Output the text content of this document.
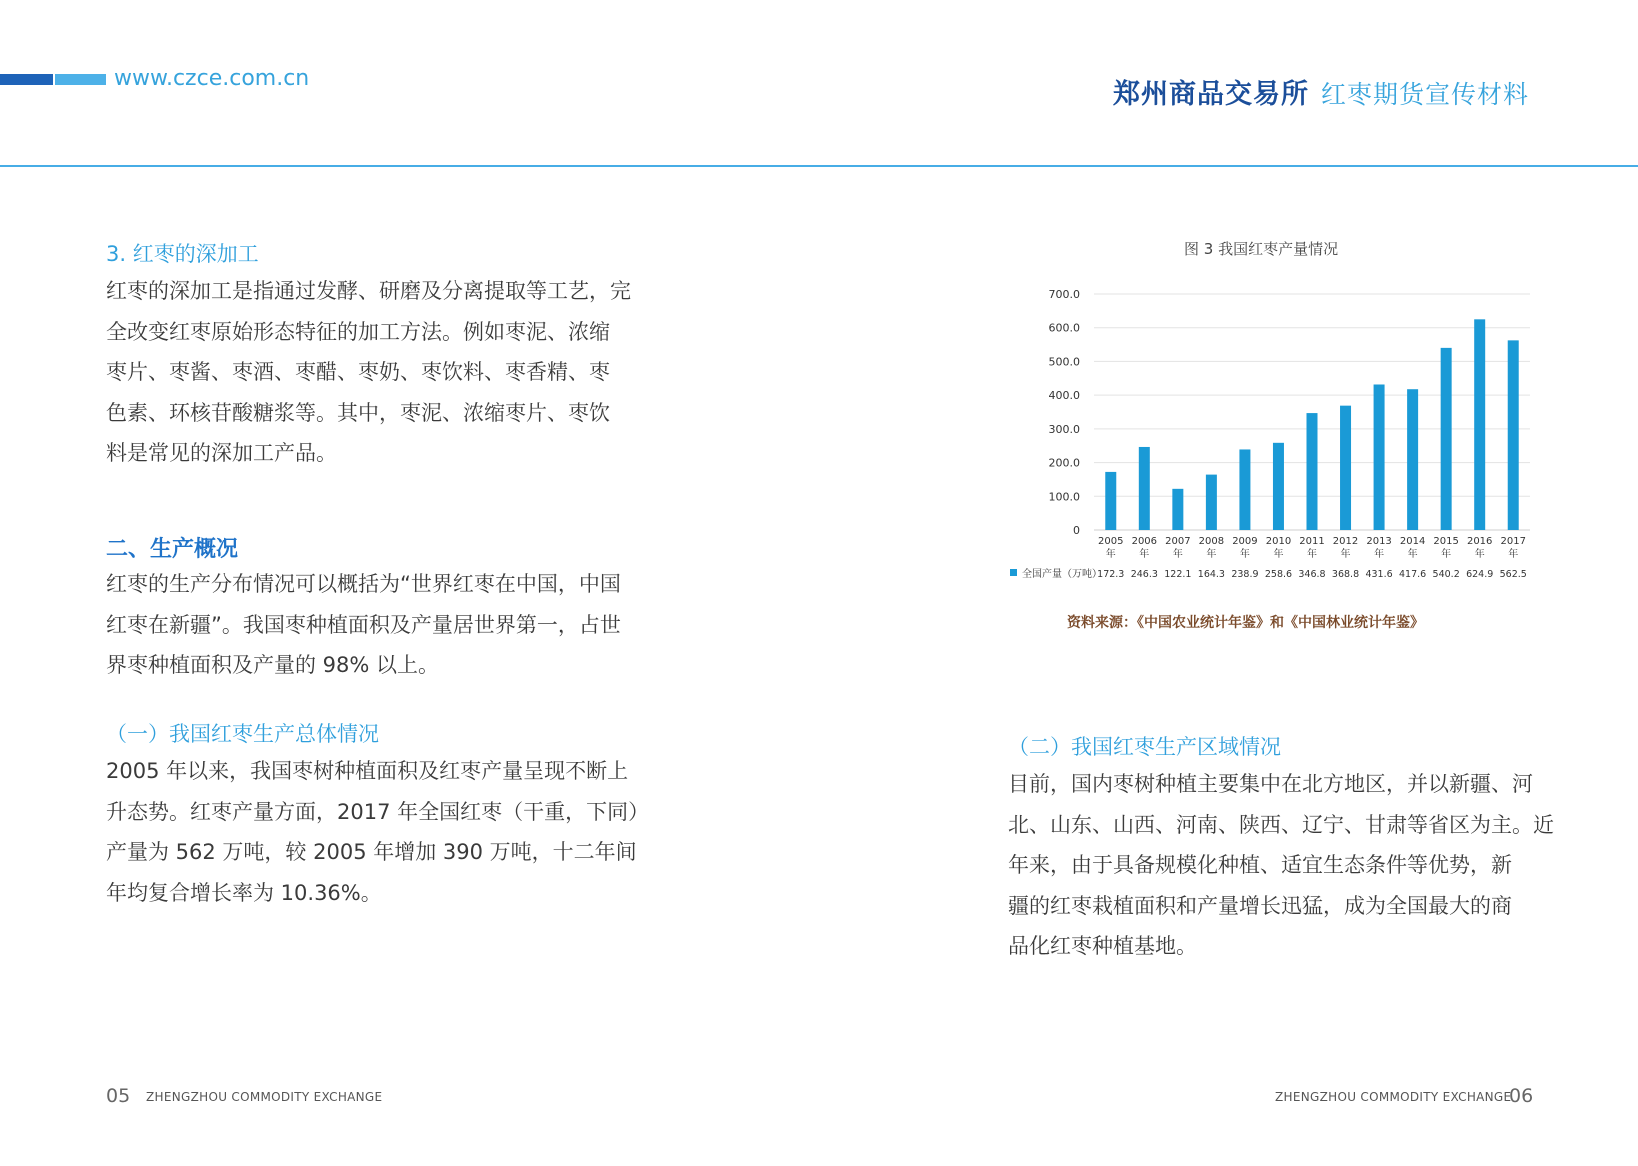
www.czce.com.cn
郑州商品交易所 红枣期货宣传材料
3. 红枣的深加工
红枣的深加工是指通过发酵、研磨及分离提取等工艺，完
全改变红枣原始形态特征的加工方法。例如枣泥、浓缩
枣片、枣酱、枣酒、枣醋、枣奶、枣饮料、枣香精、枣
色素、环核苷酸糖浆等。其中，枣泥、浓缩枣片、枣饮
料是常见的深加工产品。
二、生产概况
红枣的生产分布情况可以概括为“世界红枣在中国，中国
红枣在新疆”。我国枣种植面积及产量居世界第一，占世
界枣种植面积及产量的 98% 以上。
（一）我国红枣生产总体情况
2005 年以来，我国枣树种植面积及红枣产量呈现不断上
升态势。红枣产量方面，2017 年全国红枣（干重，下同）
产量为 562 万吨，较 2005 年增加 390 万吨，十二年间
年均复合增长率为 10.36%。
图 3 我国红枣产量情况
0
100.0
200.0
300.0
400.0
500.0
600.0
700.0
2005
年
172.3
2006
年
246.3
2007
年
122.1
2008
年
164.3
2009
年
238.9
2010
年
258.6
2011
年
346.8
2012
年
368.8
2013
年
431.6
2014
年
417.6
2015
年
540.2
2016
年
624.9
2017
年
562.5
全国产量（万吨）
资料来源：《中国农业统计年鉴》和《中国林业统计年鉴》
（二）我国红枣生产区域情况
目前，国内枣树种植主要集中在北方地区，并以新疆、河
北、山东、山西、河南、陕西、辽宁、甘肃等省区为主。近
年来，由于具备规模化种植、适宜生态条件等优势，新
疆的红枣栽植面积和产量增长迅猛，成为全国最大的商
品化红枣种植基地。
05 ZHENGZHOU COMMODITY EXCHANGE	ZHENGZHOU COMMODITY EXCHANGE
06
